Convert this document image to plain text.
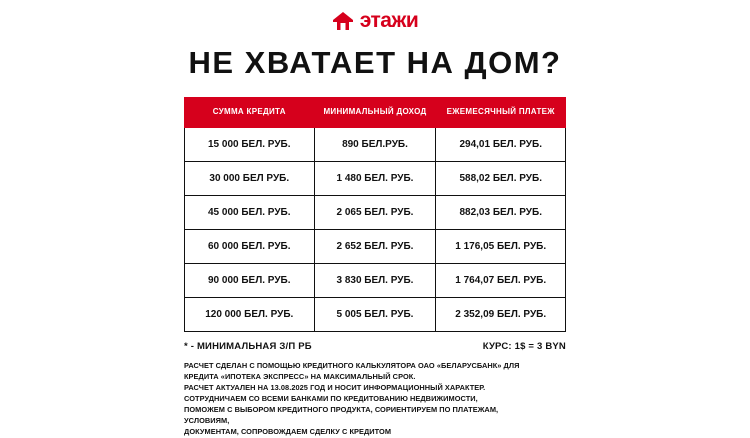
этажи
НЕ ХВАТАЕТ НА ДОМ?
СУММА КРЕДИТА	МИНИМАЛЬНЫЙ ДОХОД	ЕЖЕМЕСЯЧНЫЙ ПЛАТЕЖ
15 000 БЕЛ. РУБ.	890 БЕЛ.РУБ.	294,01 БЕЛ. РУБ.
30 000 БЕЛ РУБ.	1 480 БЕЛ. РУБ.	588,02 БЕЛ. РУБ.
45 000 БЕЛ. РУБ.	2 065 БЕЛ. РУБ.	882,03 БЕЛ. РУБ.
60 000 БЕЛ. РУБ.	2 652 БЕЛ. РУБ.	1 176,05 БЕЛ. РУБ.
90 000 БЕЛ. РУБ.	3 830 БЕЛ. РУБ.	1 764,07 БЕЛ. РУБ.
120 000 БЕЛ. РУБ.	5 005 БЕЛ. РУБ.	2 352,09 БЕЛ. РУБ.
* - МИНИМАЛЬНАЯ З/П РБ	КУРС: 1$ = 3 BYN

РАСЧЕТ СДЕЛАН С ПОМОЩЬЮ КРЕДИТНОГО КАЛЬКУЛЯТОРА ОАО «БЕЛАРУСБАНК» ДЛЯ

КРЕДИТА «ИПОТЕКА ЭКСПРЕСС» НА МАКСИМАЛЬНЫЙ СРОК.

РАСЧЕТ АКТУАЛЕН НА 13.08.2025 ГОД И НОСИТ ИНФОРМАЦИОННЫЙ ХАРАКТЕР.

СОТРУДНИЧАЕМ СО ВСЕМИ БАНКАМИ ПО КРЕДИТОВАНИЮ НЕДВИЖИМОСТИ,

ПОМОЖЕМ С ВЫБОРОМ КРЕДИТНОГО ПРОДУКТА, СОРИЕНТИРУЕМ ПО ПЛАТЕЖАМ,

УСЛОВИЯМ,

ДОКУМЕНТАМ, СОПРОВОЖДАЕМ СДЕЛКУ С КРЕДИТОМ
